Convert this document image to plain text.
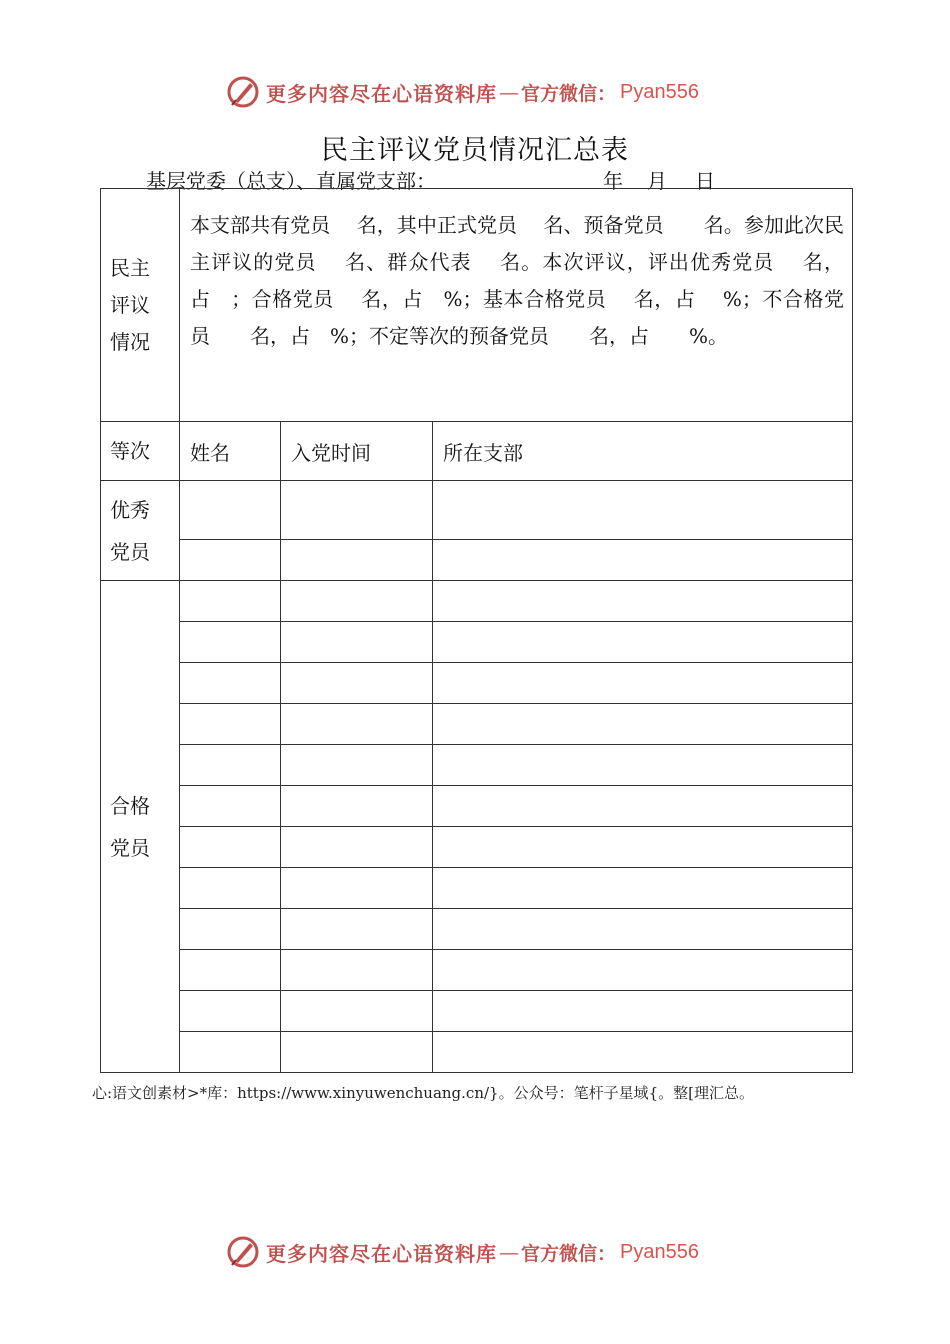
更多内容尽在心语资料库 — 官方微信： Pyan556
民主评议党员情况汇总表
基层党委（总支）、直属党支部：	年	月	日
民主
评议
情况	本支部共有党员　 名，其中正式党员　 名、预备党员　　名。参加此次民主评议的党员　 名、群众代表　 名。本次评议，评出优秀党员　 名，占　；合格党员　 名，占　%；基本合格党员　 名，占　 %；不合格党员　　名，占　%；不定等次的预备党员　　名，占　　%。		
等次	姓名	入党时间	所在支部

优秀
党员			

合格
党员			

心:语文创素材>*库：https://www.xinyuwenchuang.cn/}。公众号：笔杆子星域{。整[理汇总。
更多内容尽在心语资料库 — 官方微信： Pyan556
